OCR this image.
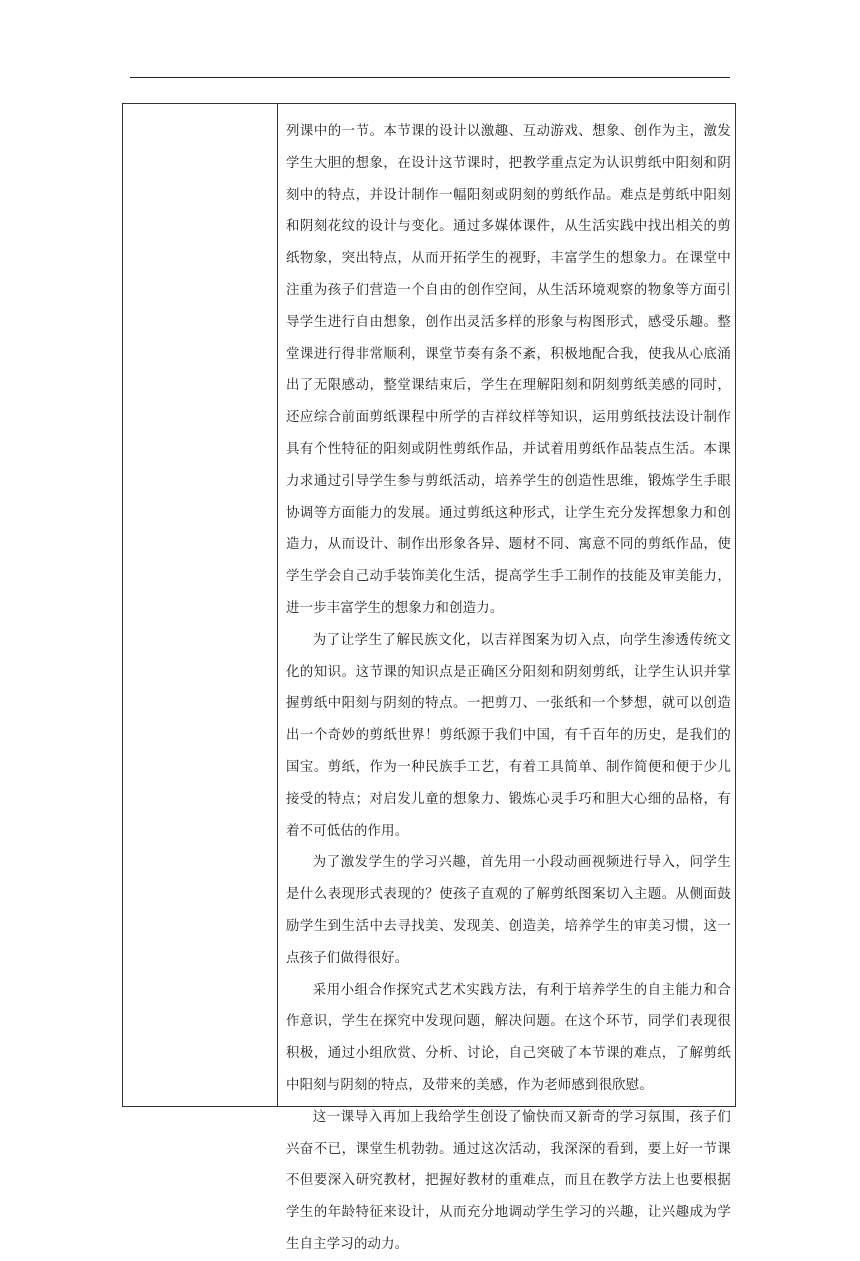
列课中的一节。本节课的设计以激趣、互动游戏、想象、创作为主，激发学生大胆的想象，在设计这节课时，把教学重点定为认识剪纸中阳刻和阴刻中的特点，并设计制作一幅阳刻或阴刻的剪纸作品。难点是剪纸中阳刻和阴刻花纹的设计与变化。通过多媒体课件，从生活实践中找出相关的剪纸物象，突出特点，从而开拓学生的视野，丰富学生的想象力。在课堂中注重为孩子们营造一个自由的创作空间，从生活环境观察的物象等方面引导学生进行自由想象，创作出灵活多样的形象与构图形式，感受乐趣。整堂课进行得非常顺利，课堂节奏有条不紊，积极地配合我，使我从心底涌出了无限感动，整堂课结束后，学生在理解阳刻和阴刻剪纸美感的同时，还应综合前面剪纸课程中所学的吉祥纹样等知识，运用剪纸技法设计制作具有个性特征的阳刻或阴性剪纸作品，并试着用剪纸作品装点生活。本课力求通过引导学生参与剪纸活动，培养学生的创造性思维，锻炼学生手眼协调等方面能力的发展。通过剪纸这种形式，让学生充分发挥想象力和创造力，从而设计、制作出形象各异、题材不同、寓意不同的剪纸作品，使学生学会自己动手装饰美化生活，提高学生手工制作的技能及审美能力，进一步丰富学生的想象力和创造力。

为了让学生了解民族文化，以吉祥图案为切入点，向学生渗透传统文化的知识。这节课的知识点是正确区分阳刻和阴刻剪纸，让学生认识并掌握剪纸中阳刻与阴刻的特点。一把剪刀、一张纸和一个梦想，就可以创造出一个奇妙的剪纸世界！剪纸源于我们中国，有千百年的历史，是我们的国宝。剪纸，作为一种民族手工艺，有着工具简单、制作简便和便于少儿接受的特点；对启发儿童的想象力、锻炼心灵手巧和胆大心细的品格，有着不可低估的作用。

为了激发学生的学习兴趣，首先用一小段动画视频进行导入，问学生是什么表现形式表现的？使孩子直观的了解剪纸图案切入主题。从侧面鼓励学生到生活中去寻找美、发现美、创造美，培养学生的审美习惯，这一点孩子们做得很好。

采用小组合作探究式艺术实践方法，有利于培养学生的自主能力和合作意识，学生在探究中发现问题，解决问题。在这个环节，同学们表现很积极，通过小组欣赏、分析、讨论，自己突破了本节课的难点，了解剪纸中阳刻与阴刻的特点，及带来的美感，作为老师感到很欣慰。

这一课导入再加上我给学生创设了愉快而又新奇的学习氛围，孩子们兴奋不已，课堂生机勃勃。通过这次活动，我深深的看到，要上好一节课不但要深入研究教材，把握好教材的重难点，而且在教学方法上也要根据学生的年龄特征来设计，从而充分地调动学生学习的兴趣，让兴趣成为学生自主学习的动力。
